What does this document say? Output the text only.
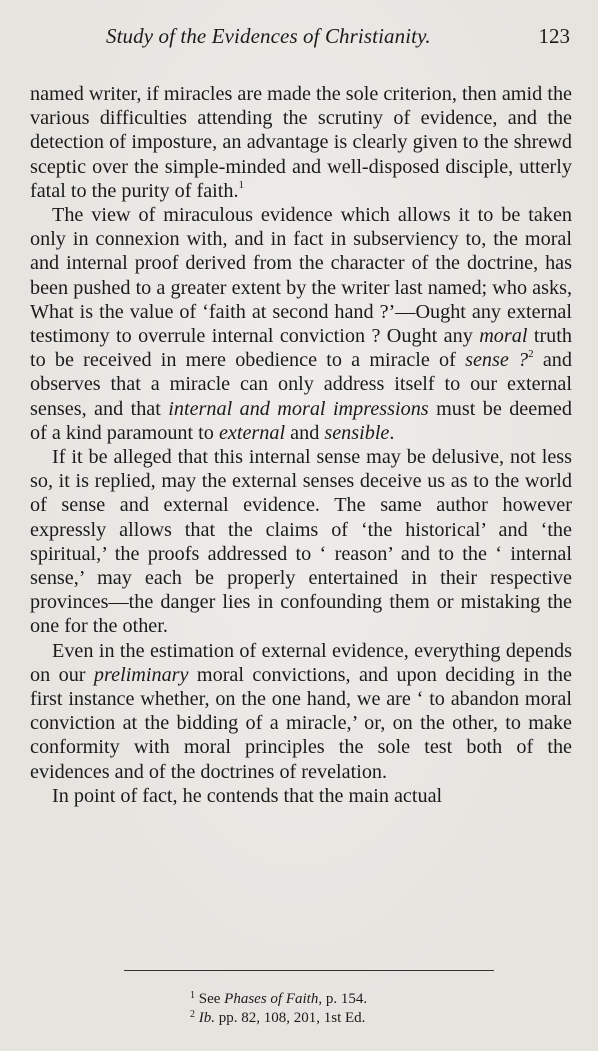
Study of the Evidences of Christianity.	123

named writer, if miracles are made the sole criterion, then amid the various difficulties attending the scrutiny of evidence, and the detection of imposture, an advantage is clearly given to the shrewd sceptic over the simple-minded and well-disposed disciple, utterly fatal to the purity of faith.$^1$

The view of miraculous evidence which allows it to be taken only in connexion with, and in fact in subserviency to, the moral and internal proof derived from the character of the doctrine, has been pushed to a greater extent by the writer last named; who asks, What is the value of ‘faith at second hand ?’—Ought any external testimony to overrule internal conviction ? Ought any moral truth to be received in mere obedience to a miracle of sense ?$^2$ and observes that a miracle can only address itself to our external senses, and that internal and moral impressions must be deemed of a kind paramount to external and sensible.

If it be alleged that this internal sense may be delusive, not less so, it is replied, may the external senses deceive us as to the world of sense and external evidence. The same author however expressly allows that the claims of ‘the historical’ and ‘the spiritual,’ the proofs addressed to ‘ reason’ and to the ‘ internal sense,’ may each be properly entertained in their respective provinces—the danger lies in confounding them or mistaking the one for the other.

Even in the estimation of external evidence, everything depends on our preliminary moral convictions, and upon deciding in the first instance whether, on the one hand, we are ‘ to abandon moral conviction at the bidding of a miracle,’ or, on the other, to make conformity with moral principles the sole test both of the evidences and of the doctrines of revelation.

In point of fact, he contends that the main actual

$^1$ See Phases of Faith, p. 154.
$^2$ Ib. pp. 82, 108, 201, 1st Ed.
